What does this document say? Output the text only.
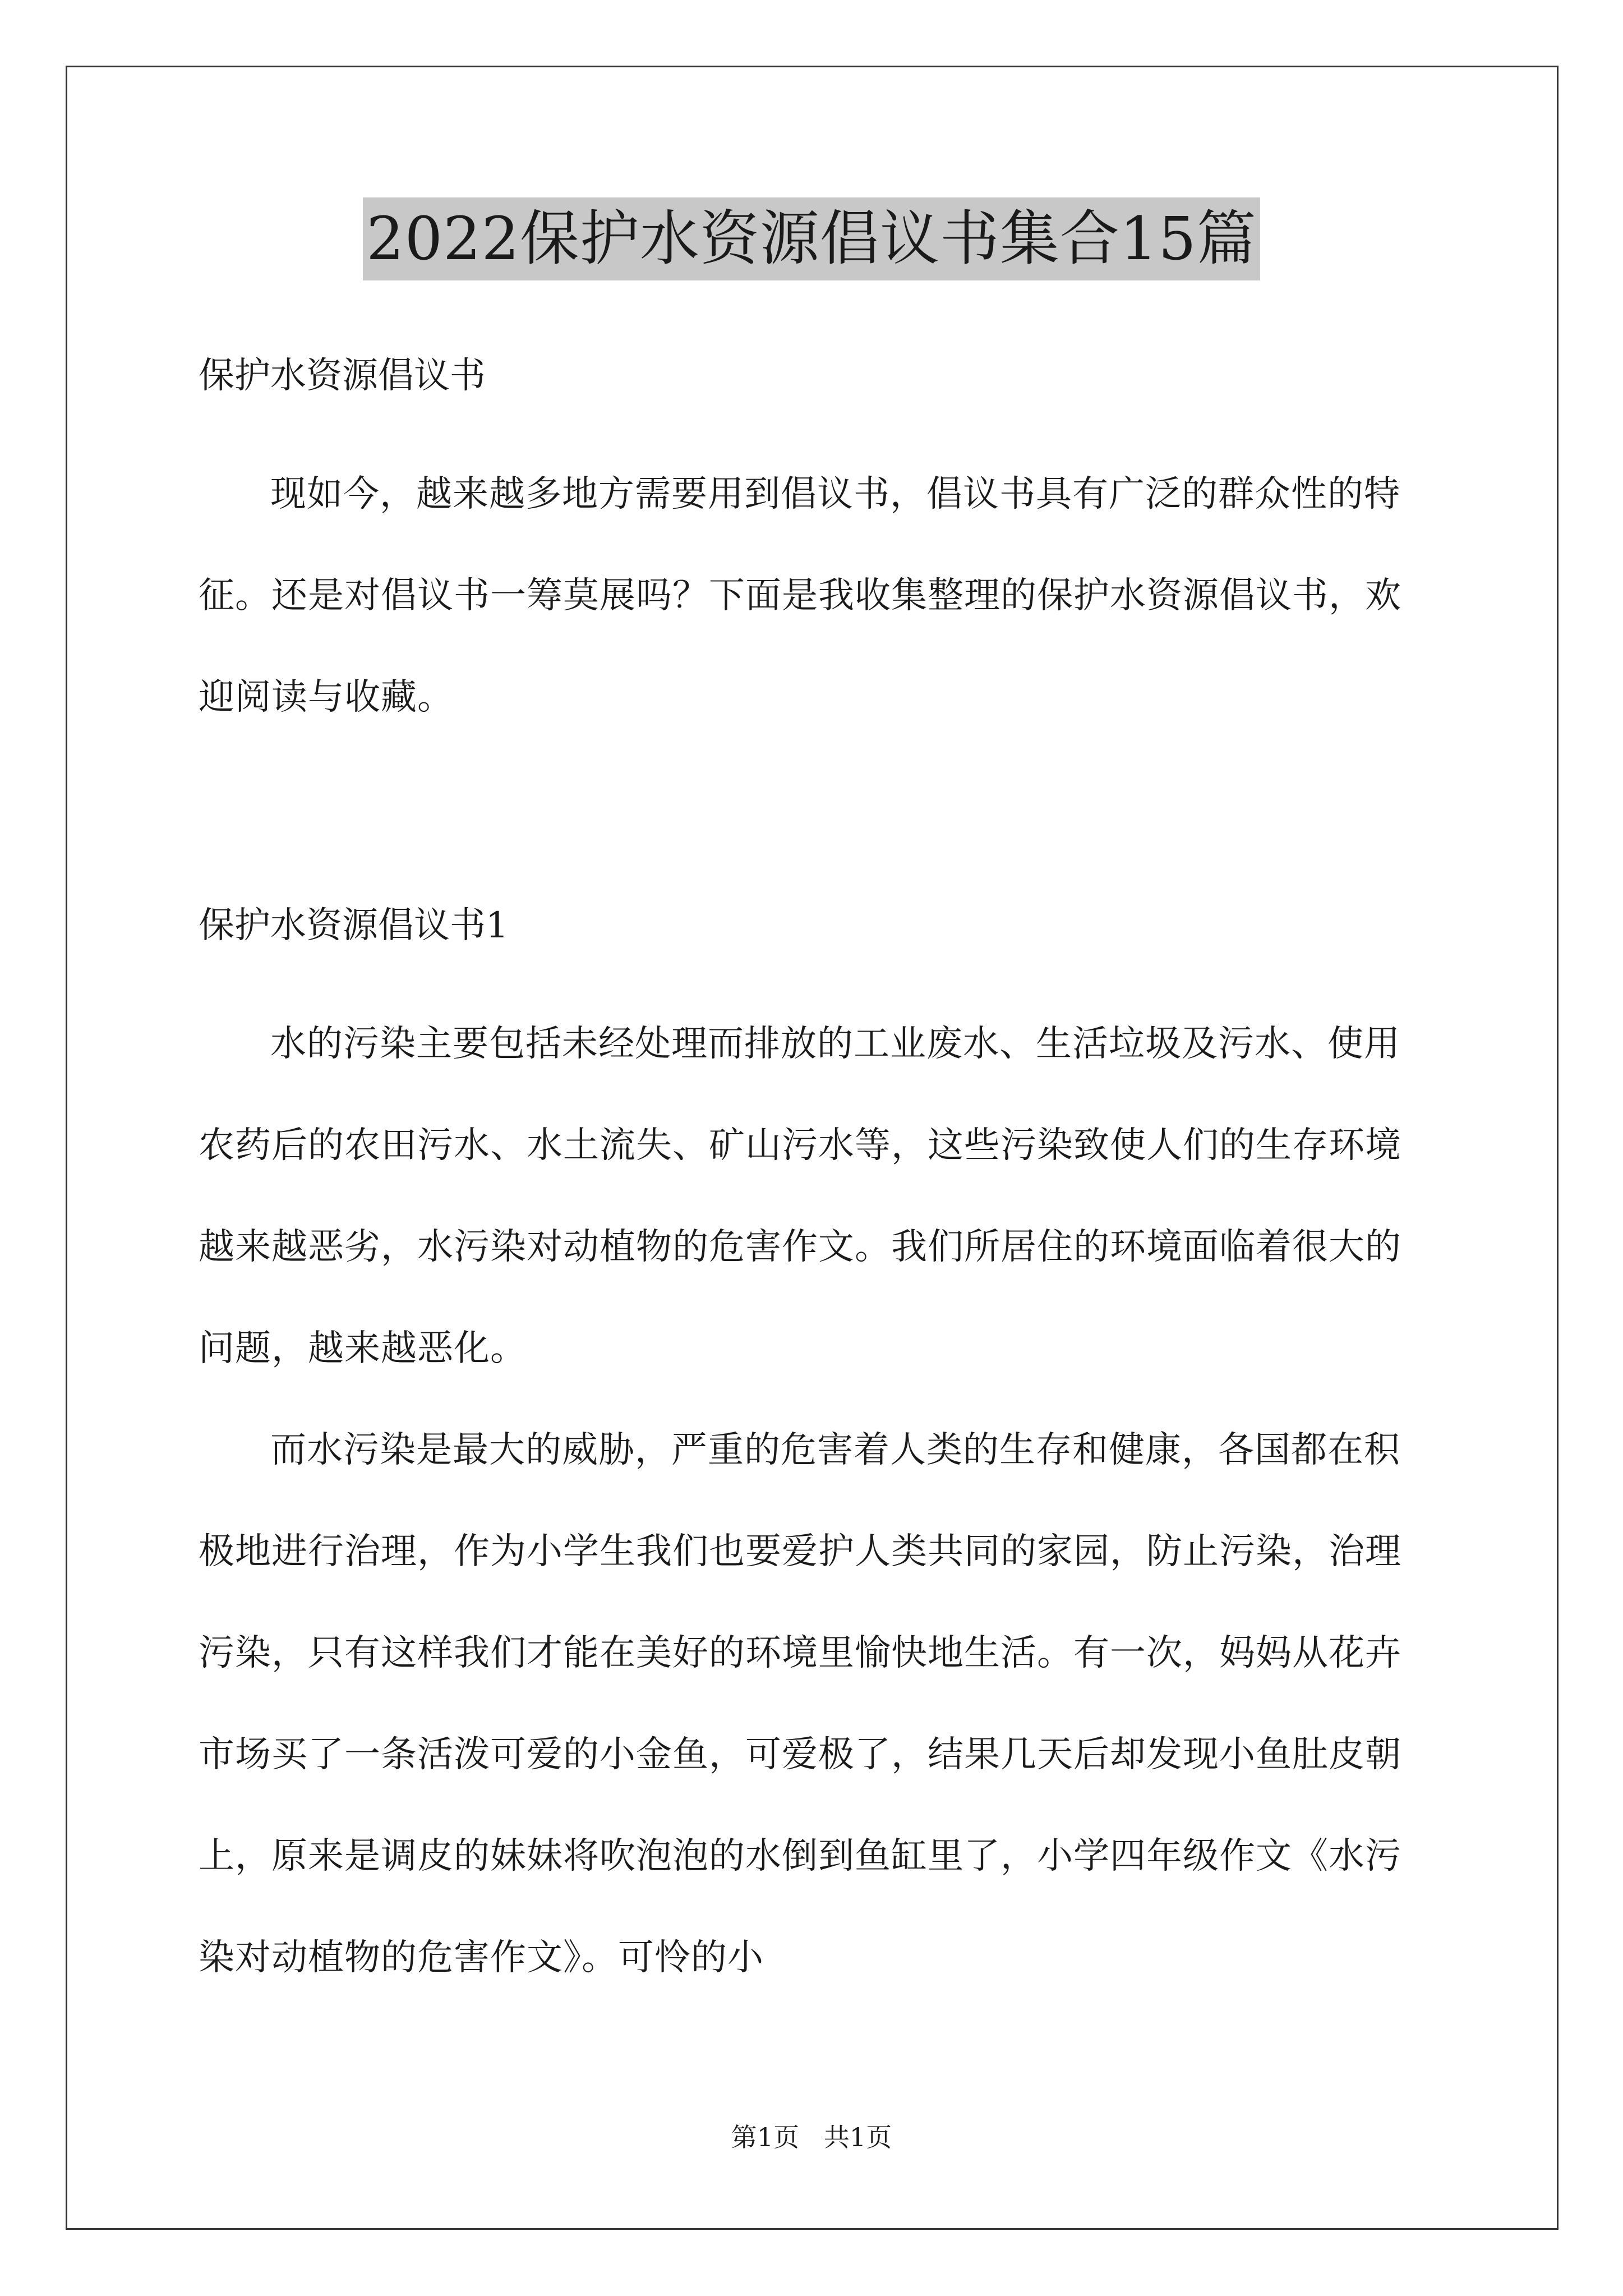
2022保护水资源倡议书集合15篇

保护水资源倡议书

现如今，越来越多地方需要用到倡议书，倡议书具有广泛的群众性的特征。还是对倡议书一筹莫展吗？下面是我收集整理的保护水资源倡议书，欢迎阅读与收藏。

保护水资源倡议书1

水的污染主要包括未经处理而排放的工业废水、生活垃圾及污水、使用农药后的农田污水、水土流失、矿山污水等，这些污染致使人们的生存环境越来越恶劣，水污染对动植物的危害作文。我们所居住的环境面临着很大的问题，越来越恶化。

而水污染是最大的威胁，严重的危害着人类的生存和健康，各国都在积极地进行治理，作为小学生我们也要爱护人类共同的家园，防止污染，治理污染，只有这样我们才能在美好的环境里愉快地生活。有一次，妈妈从花卉市场买了一条活泼可爱的小金鱼，可爱极了，结果几天后却发现小鱼肚皮朝上，原来是调皮的妹妹将吹泡泡的水倒到鱼缸里了，小学四年级作文《水污染对动植物的危害作文》。可怜的小

第1页   共1页
